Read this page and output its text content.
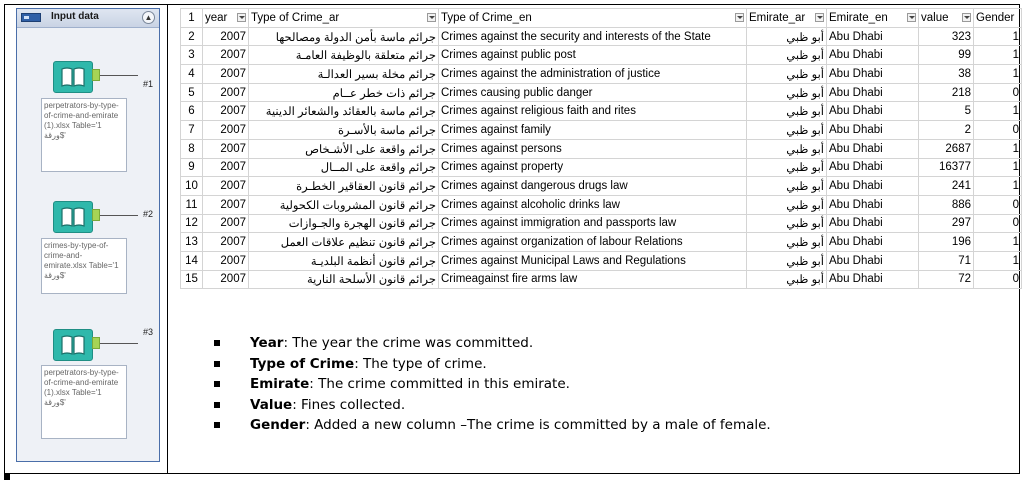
Input data	▲
#1
perpetrators-by-type-of-crime-and-emirate (1).xlsx Table='1 ورقة$'
#2
crimes-by-type-of-crime-and-emirate.xlsx Table='1 ورقة$'
#3
perpetrators-by-type-of-crime-and-emirate (1).xlsx Table='1 ورقة$'
1	year	Type of Crime_ar	Type of Crime_en	Emirate_ar	Emirate_en	value	Gender
2	2007	جرائم ماسة بأمن الدولة ومصالحها	Crimes against the security and interests of the State	أبو ظبي	Abu Dhabi	323	1
3	2007	جرائم متعلقة بالوظيفة العامـة	Crimes against public post	أبو ظبي	Abu Dhabi	99	1
4	2007	جرائم مخلة بسير العدالـة	Crimes against the administration of justice	أبو ظبي	Abu Dhabi	38	1
5	2007	جرائم ذات خطر عــام	Crimes causing public danger	أبو ظبي	Abu Dhabi	218	0
6	2007	جرائم ماسة بالعقائد والشعائر الدينية	Crimes against religious faith and rites	أبو ظبي	Abu Dhabi	5	1
7	2007	جرائم ماسة بالأسـرة	Crimes against family	أبو ظبي	Abu Dhabi	2	0
8	2007	جرائم واقعة على الأشـخاص	Crimes against persons	أبو ظبي	Abu Dhabi	2687	1
9	2007	جرائم واقعة على المــال	Crimes against property	أبو ظبي	Abu Dhabi	16377	1
10	2007	جرائم قانون العقاقير الخطـرة	Crimes against dangerous drugs law	أبو ظبي	Abu Dhabi	241	1
11	2007	جرائم قانون المشروبات الكحولية	Crimes against alcoholic drinks law	أبو ظبي	Abu Dhabi	886	0
12	2007	جرائم قانون الهجرة والجـوازات	Crimes against immigration and passports law	أبو ظبي	Abu Dhabi	297	0
13	2007	جرائم قانون تنظيم علاقات العمل	Crimes against organization of labour Relations	أبو ظبي	Abu Dhabi	196	1
14	2007	جرائم قانون أنظمة البلديـة	Crimes against Municipal Laws and Regulations	أبو ظبي	Abu Dhabi	71	1
15	2007	جرائم قانون الأسلحة النارية	Crimeagainst fire arms law	أبو ظبي	Abu Dhabi	72	0
Year: The year the crime was committed.
Type of Crime: The type of crime.
Emirate: The crime committed in this emirate.
Value: Fines collected.
Gender: Added a new column –The crime is committed by a male of female.
